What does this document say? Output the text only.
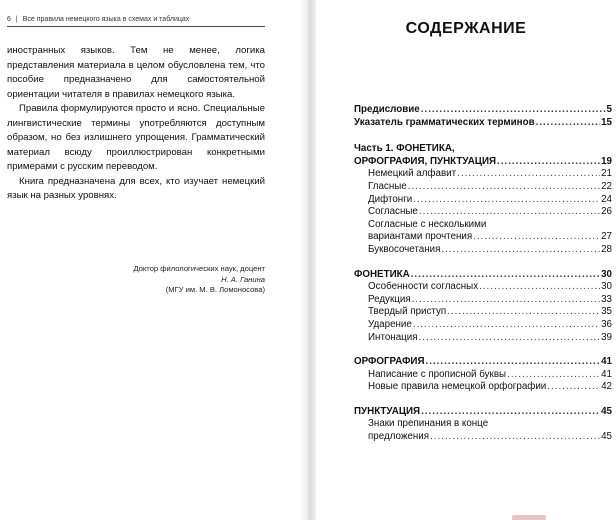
6 | Все правила немецкого языка в схемах и таблицах

иностранных языков. Тем не менее, логика представления материала в целом обусловлена тем, что пособие предназначено для самостоятельной ориентации читателя в правилах немецкого языка.

Правила формулируются просто и ясно. Специальные лингвистические термины употребляются доступным образом, но без излишнего упрощения. Грамматический материал всюду проиллюстрирован конкретными примерами с русским переводом.

Книга предназначена для всех, кто изучает немецкий язык на разных уровнях.

Доктор филологических наук, доцент
Н. А. Ганина
(МГУ им. М. В. Ломоносова)
СОДЕРЖАНИЕ
Предисловие .....	5
Указатель грамматических терминов .....	15
Часть 1. ФОНЕТИКА,
ОРФОГРАФИЯ, ПУНКТУАЦИЯ .....	19
Немецкий алфавит .....	21
Гласные .....	22
Дифтонги .....	24
Согласные .....	26
Согласные с несколькими
вариантами прочтения .....	27
Буквосочетания .....	28
ФОНЕТИКА .....	30
Особенности согласных .....	30
Редукция .....	33
Твердый приступ .....	35
Ударение .....	36
Интонация .....	39
ОРФОГРАФИЯ .....	41
Написание с прописной буквы .....	41
Новые правила немецкой орфографии .....	42
ПУНКТУАЦИЯ .....	45
Знаки препинания в конце
предложения .....	45
